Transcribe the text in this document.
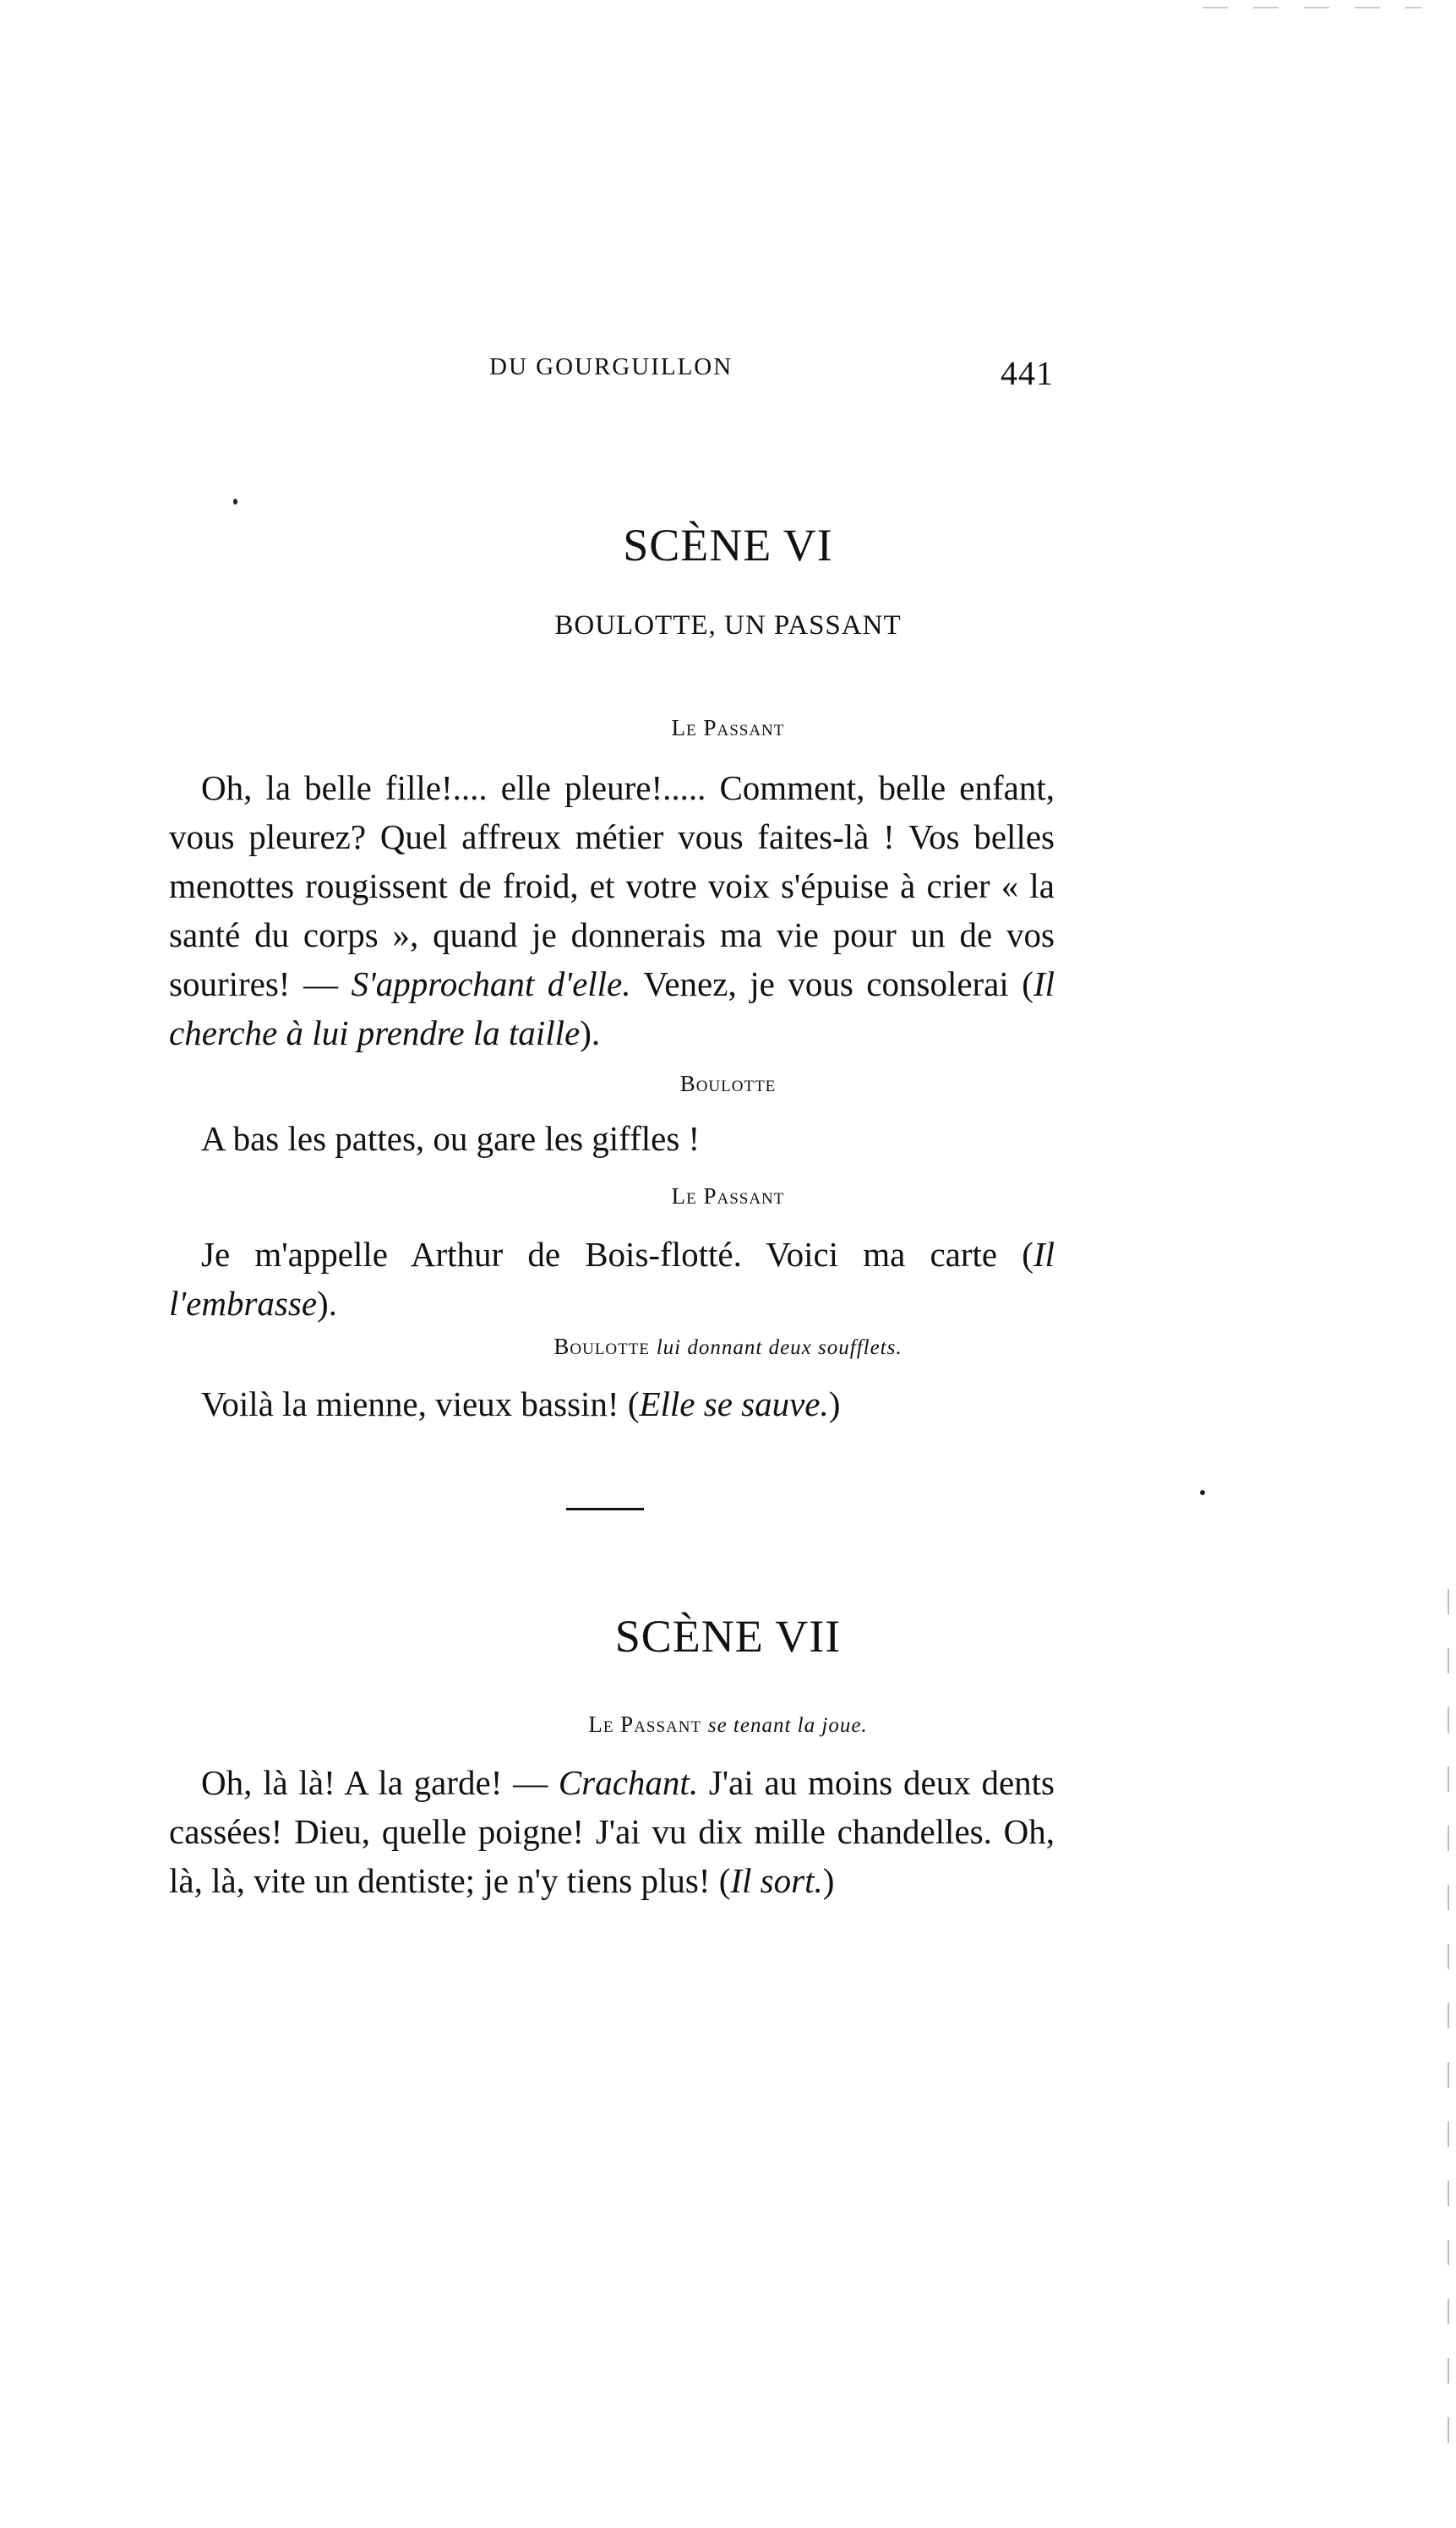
DU GOURGUILLON	441
SCÈNE VI
BOULOTTE, UN PASSANT
Le Passant
Oh, la belle fille!.... elle pleure!..... Comment, belle enfant, vous pleurez? Quel affreux métier vous faites-là ! Vos belles menottes rougissent de froid, et votre voix s'épuise à crier « la santé du corps », quand je donnerais ma vie pour un de vos sourires! — S'approchant d'elle. Venez, je vous consolerai (Il cherche à lui prendre la taille).
Boulotte
A bas les pattes, ou gare les giffles !
Le Passant
Je m'appelle Arthur de Bois-flotté. Voici ma carte (Il l'embrasse).
Boulotte lui donnant deux soufflets.
Voilà la mienne, vieux bassin! (Elle se sauve.)
SCÈNE VII
Le Passant se tenant la joue.
Oh, là là! A la garde! — Crachant. J'ai au moins deux dents cassées! Dieu, quelle poigne! J'ai vu dix mille chandelles. Oh, là, là, vite un dentiste; je n'y tiens plus! (Il sort.)
